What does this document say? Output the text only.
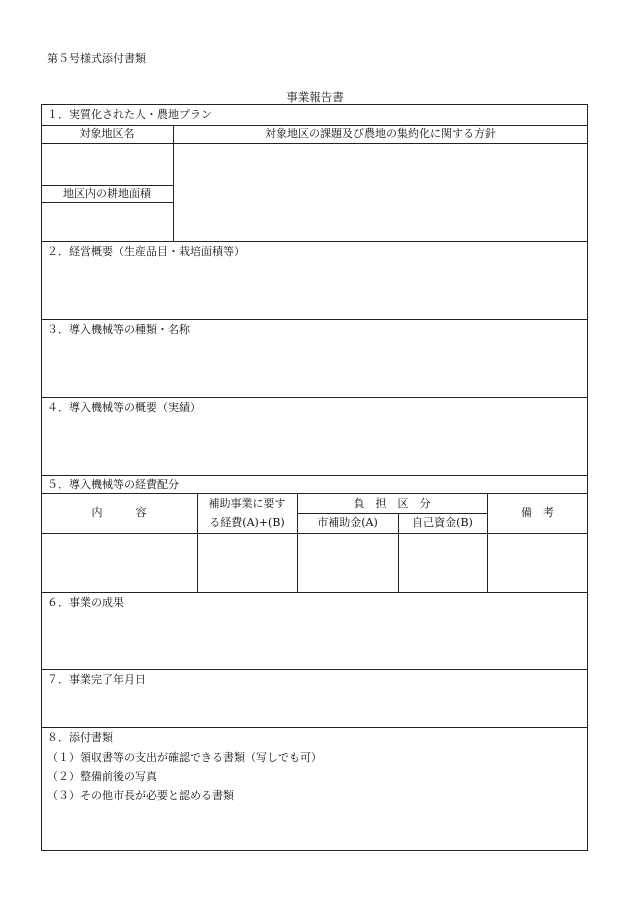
第５号様式添付書類
事業報告書
１．実質化された人・農地プラン
対象地区名	対象地区の課題及び農地の集約化に関する方針
地区内の耕地面積
２．経営概要（生産品目・栽培面積等）
３．導入機械等の種類・名称
４．導入機械等の概要（実績）
５．導入機械等の経費配分
内　　　容
補助事業に要す
る経費(A)+(B)
負　担　区　分
市補助金(A)	自己資金(B)
備　考
６．事業の成果
７．事業完了年月日
８．添付書類
（１）領収書等の支出が確認できる書類（写しでも可）
（２）整備前後の写真
（３）その他市長が必要と認める書類
